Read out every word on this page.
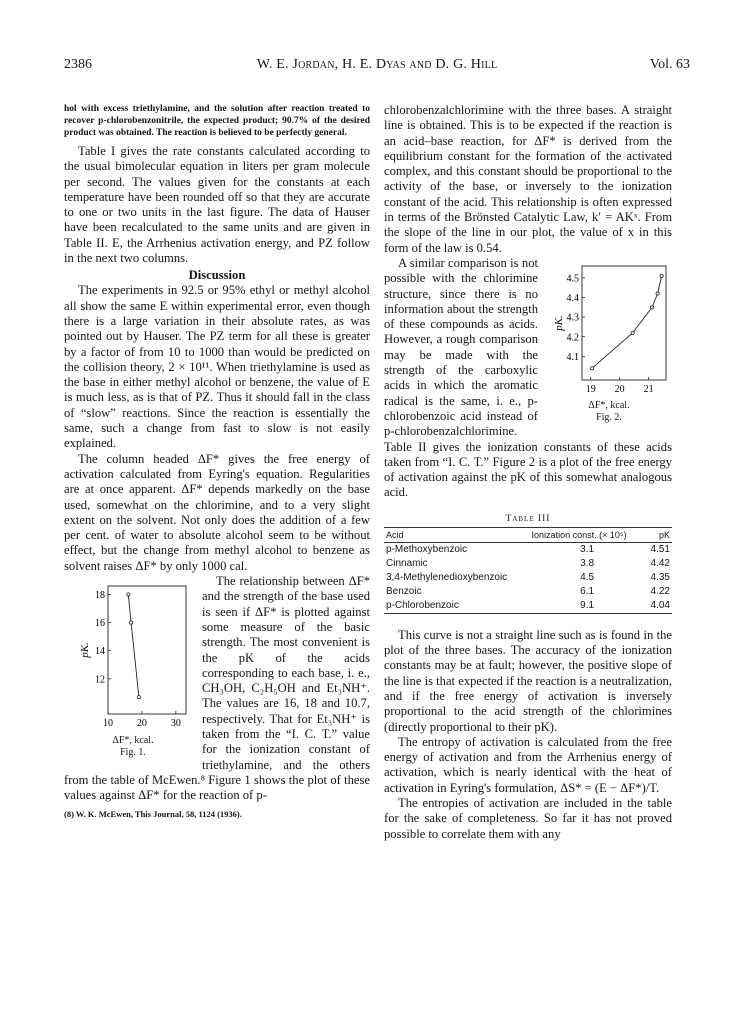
2386	W. E. Jordan, H. E. Dyas and D. G. Hill	Vol. 63

hol with excess triethylamine, and the solution after reaction treated to recover p-chlorobenzonitrile, the expected product; 90.7% of the desired product was obtained. The reaction is believed to be perfectly general.

Table I gives the rate constants calculated according to the usual bimolecular equation in liters per gram molecule per second. The values given for the constants at each temperature have been rounded off so that they are accurate to one or two units in the last figure. The data of Hauser have been recalculated to the same units and are given in Table II. E, the Arrhenius activation energy, and PZ follow in the next two columns.

Discussion

The experiments in 92.5 or 95% ethyl or methyl alcohol all show the same E within experimental error, even though there is a large variation in their absolute rates, as was pointed out by Hauser. The PZ term for all these is greater by a factor of from 10 to 1000 than would be predicted on the collision theory, 2 × 10¹¹. When triethylamine is used as the base in either methyl alcohol or benzene, the value of E is much less, as is that of PZ. Thus it should fall in the class of “slow” reactions. Since the reaction is essentially the same, such a change from fast to slow is not easily explained.

The column headed ΔF* gives the free energy of activation calculated from Eyring's equation. Regularities are at once apparent. ΔF* depends markedly on the base used, somewhat on the chlorimine, and to a very slight extent on the solvent. Not only does the addition of a few per cent. of water to absolute alcohol seem to be without effect, but the change from methyl alcohol to benzene as solvent raises ΔF* by only 1000 cal.

12
14
16
18
10 20 30
pK.
ΔF*, kcal.
Fig. 1.

The relationship between ΔF* and the strength of the base used is seen if ΔF* is plotted against some measure of the basic strength. The most convenient is the pK of the acids corresponding to each base, i. e., CH₃OH, C₂H₅OH and Et₃NH⁺. The values are 16, 18 and 10.7, respectively. That for Et₃NH⁺ is taken from the “I. C. T.” value for the ionization constant of triethylamine, and the others from the table of McEwen.⁸ Figure 1 shows the plot of these values against ΔF* for the reaction of p-

(8) W. K. McEwen, This Journal, 58, 1124 (1936).

chlorobenzalchlorimine with the three bases. A straight line is obtained. This is to be expected if the reaction is an acid–base reaction, for ΔF* is derived from the equilibrium constant for the formation of the activated complex, and this constant should be proportional to the activity of the base, or inversely to the ionization constant of the acid. This relationship is often expressed in terms of the Brönsted Catalytic Law, k′ = AKˣ. From the slope of the line in our plot, the value of x in this form of the law is 0.54.

4.1
4.2
4.3
4.4
4.5
19 20 21
pK.
ΔF*, kcal.
Fig. 2.

A similar comparison is not possible with the chlorimine structure, since there is no information about the strength of these compounds as acids. However, a rough comparison may be made with the strength of the carboxylic acids in which the aromatic radical is the same, i. e., p-chlorobenzoic acid instead of p-chlorobenzalchlorimine. Table II gives the ionization constants of these acids taken from “I. C. T.” Figure 2 is a plot of the free energy of activation against the pK of this somewhat analogous acid.

Table III
Acid	Ionization const. (× 10⁵)	pK
p-Methoxybenzoic	3.1	4.51
Cinnamic	3.8	4.42
3,4-Methylenedioxybenzoic	4.5	4.35
Benzoic	6.1	4.22
p-Chlorobenzoic	9.1	4.04

This curve is not a straight line such as is found in the plot of the three bases. The accuracy of the ionization constants may be at fault; however, the positive slope of the line is that expected if the reaction is a neutralization, and if the free energy of activation is inversely proportional to the acid strength of the chlorimines (directly proportional to their pK).

The entropy of activation is calculated from the free energy of activation and from the Arrhenius energy of activation, which is nearly identical with the heat of activation in Eyring's formulation, ΔS* = (E − ΔF*)/T.

The entropies of activation are included in the table for the sake of completeness. So far it has not proved possible to correlate them with any
